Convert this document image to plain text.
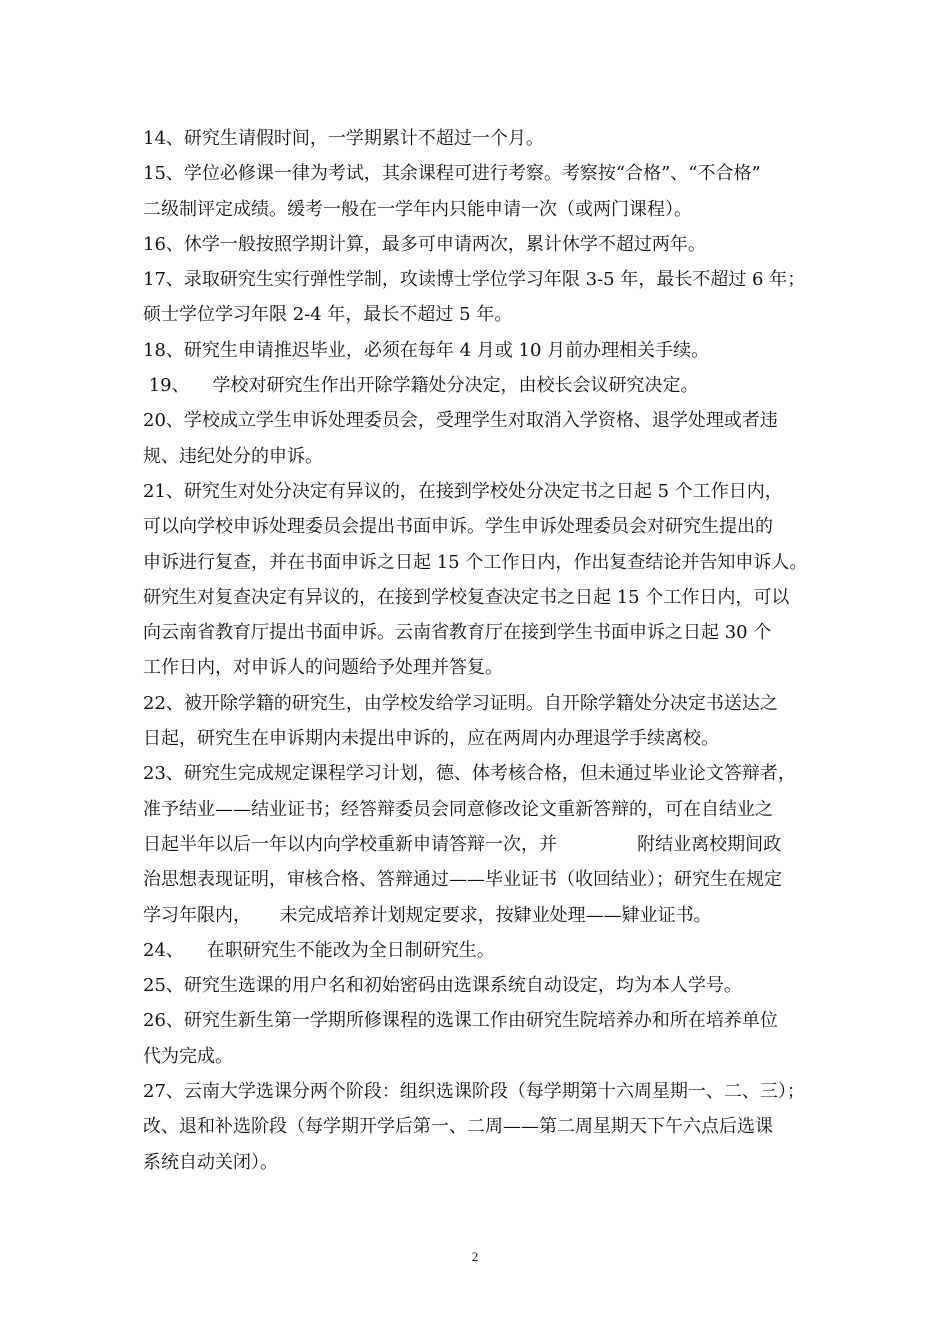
14、研究生请假时间，一学期累计不超过一个月。
15、学位必修课一律为考试，其余课程可进行考察。考察按“合格”、“不合格”
二级制评定成绩。缓考一般在一学年内只能申请一次（或两门课程）。
16、休学一般按照学期计算，最多可申请两次，累计休学不超过两年。
17、录取研究生实行弹性学制，攻读博士学位学习年限 3-5 年，最长不超过 6 年；
硕士学位学习年限 2-4 年，最长不超过 5 年。
18、研究生申请推迟毕业，必须在每年 4 月或 10 月前办理相关手续。
19、    学校对研究生作出开除学籍处分决定，由校长会议研究决定。
20、学校成立学生申诉处理委员会，受理学生对取消入学资格、退学处理或者违
规、违纪处分的申诉。
21、研究生对处分决定有异议的，在接到学校处分决定书之日起 5 个工作日内，
可以向学校申诉处理委员会提出书面申诉。学生申诉处理委员会对研究生提出的
申诉进行复查，并在书面申诉之日起 15 个工作日内，作出复查结论并告知申诉人。
研究生对复查决定有异议的，在接到学校复查决定书之日起 15 个工作日内，可以
向云南省教育厅提出书面申诉。云南省教育厅在接到学生书面申诉之日起 30 个
工作日内，对申诉人的问题给予处理并答复。
22、被开除学籍的研究生，由学校发给学习证明。自开除学籍处分决定书送达之
日起，研究生在申诉期内未提出申诉的，应在两周内办理退学手续离校。
23、研究生完成规定课程学习计划，德、体考核合格，但未通过毕业论文答辩者，
准予结业——结业证书；经答辩委员会同意修改论文重新答辩的，可在自结业之
日起半年以后一年以内向学校重新申请答辩一次，并              附结业离校期间政
治思想表现证明，审核合格、答辩通过——毕业证书（收回结业）；研究生在规定
学习年限内，     未完成培养计划规定要求，按肄业处理——肄业证书。
24、    在职研究生不能改为全日制研究生。
25、研究生选课的用户名和初始密码由选课系统自动设定，均为本人学号。
26、研究生新生第一学期所修课程的选课工作由研究生院培养办和所在培养单位
代为完成。
27、云南大学选课分两个阶段：组织选课阶段（每学期第十六周星期一、二、三）；
改、退和补选阶段（每学期开学后第一、二周——第二周星期天下午六点后选课
系统自动关闭）。
2
